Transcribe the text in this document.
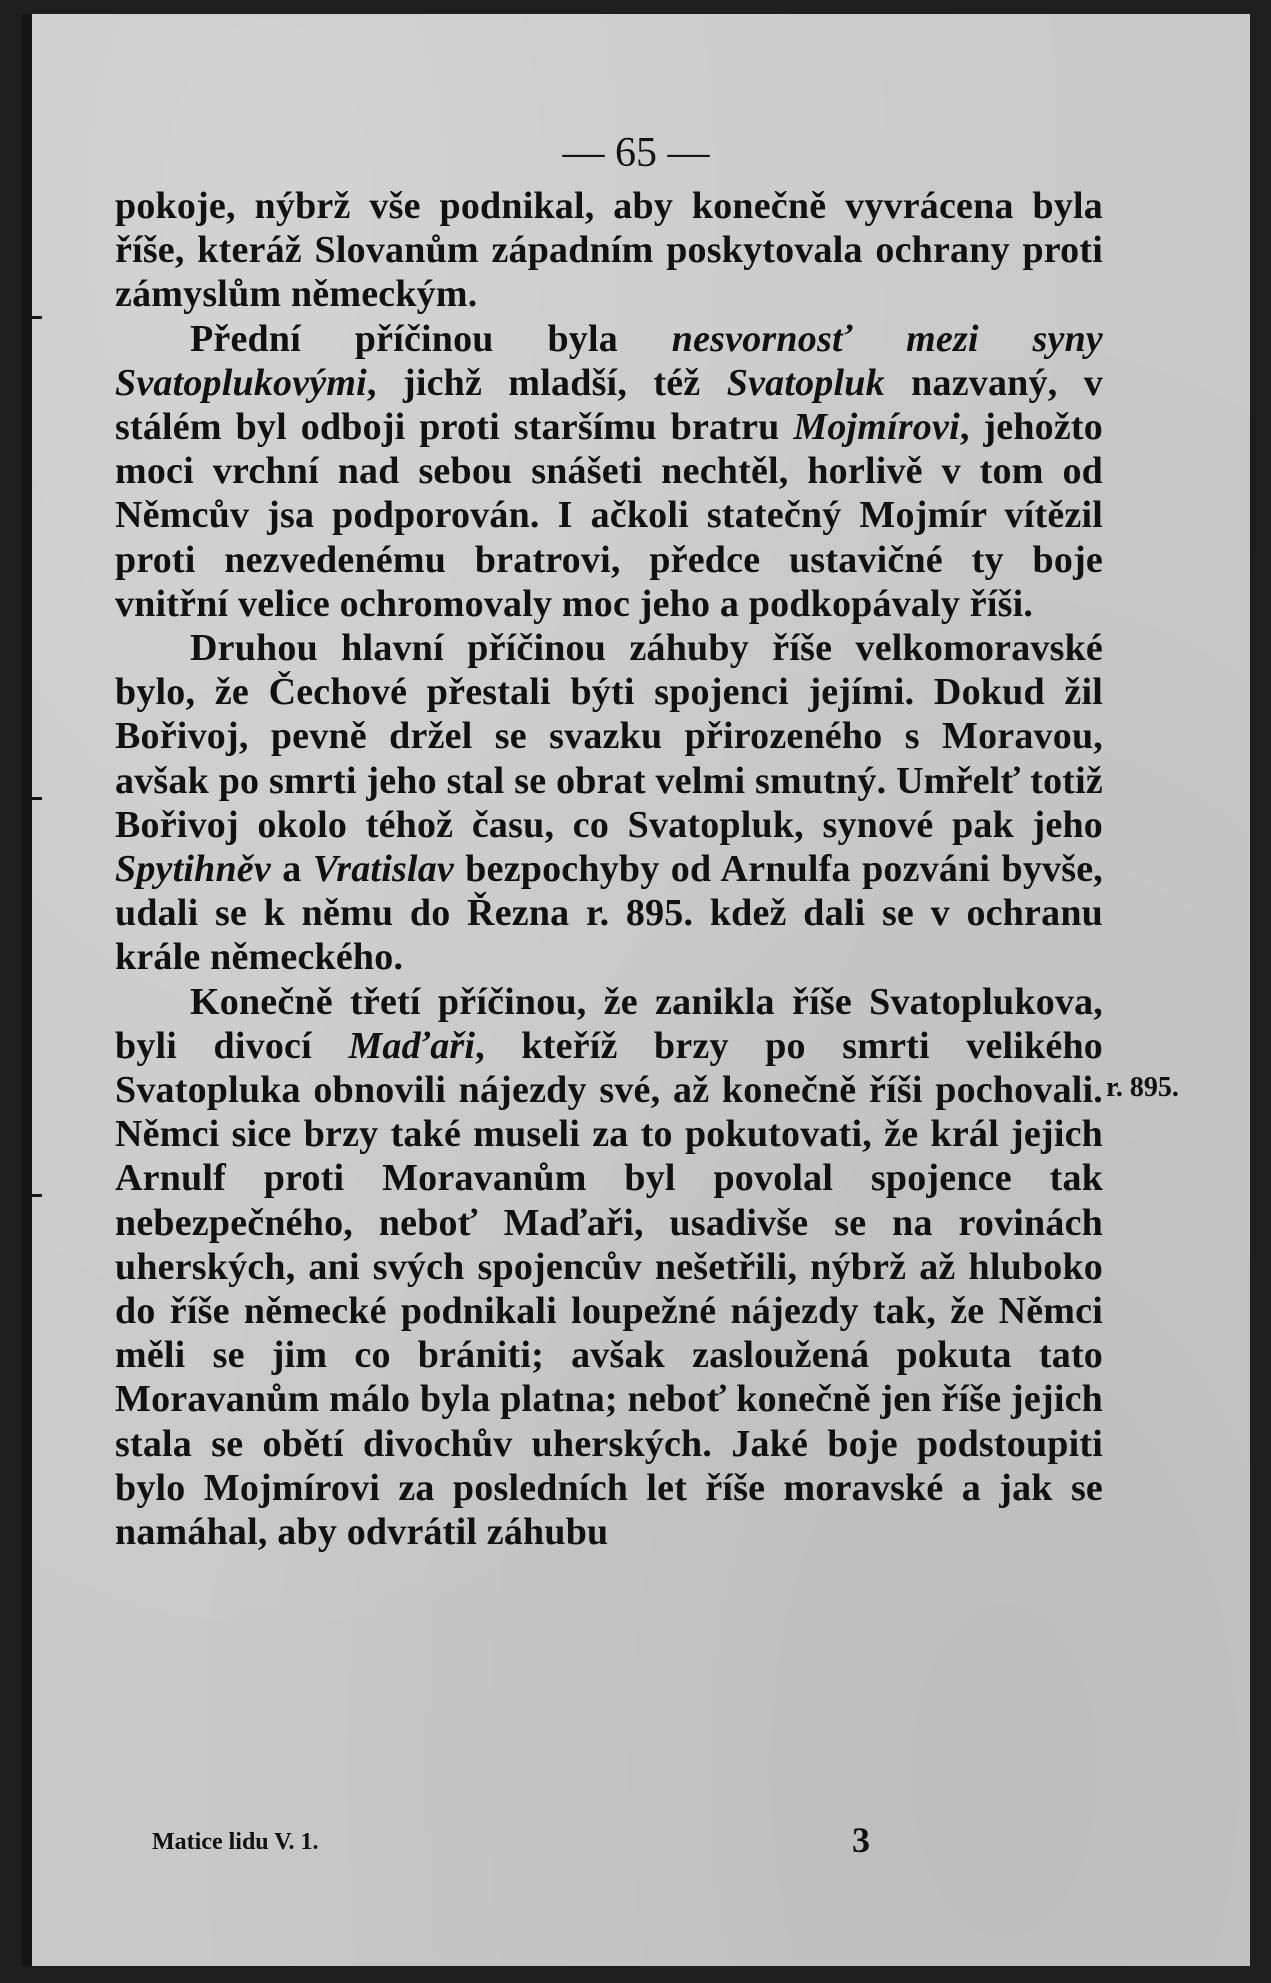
— 65 —

pokoje, nýbrž vše podnikal, aby konečně vyvrácena byla říše, kteráž Slovanům západním poskytovala ochrany proti zámyslům německým.

Přední příčinou byla nesvornosť mezi syny Svatoplukovými, jichž mladší, též Svatopluk nazvaný, v stálém byl odboji proti staršímu bratru Mojmírovi, jehožto moci vrchní nad sebou snášeti nechtěl, horlivě v tom od Němcův jsa podporován. I ačkoli statečný Mojmír vítězil proti nezvedenému bratrovi, předce ustavičné ty boje vnitřní velice ochromovaly moc jeho a podkopávaly říši.

Druhou hlavní příčinou záhuby říše velkomoravské bylo, že Čechové přestali býti spojenci jejími. Dokud žil Bořivoj, pevně držel se svazku přirozeného s Moravou, avšak po smrti jeho stal se obrat velmi smutný. Umřelť totiž Bořivoj okolo téhož času, co Svatopluk, synové pak jeho Spytihněv a Vratislav bezpochyby od Arnulfa pozváni byvše, udali se k němu do Řezna r. 895. kdež dali se v ochranu krále německého.

Konečně třetí příčinou, že zanikla říše Svatoplukova, byli divocí Maďaři, kteříž brzy po smrti velikého Svatopluka obnovili nájezdy své, až konečně říši pochovali. Němci sice brzy také museli za to pokutovati, že král jejich Arnulf proti Moravanům byl povolal spojence tak nebezpečného, neboť Maďaři, usadivše se na rovinách uherských, ani svých spojencův nešetřili, nýbrž až hluboko do říše německé podnikali loupežné nájezdy tak, že Němci měli se jim co brániti; avšak zasloužená pokuta tato Moravanům málo byla platna; neboť konečně jen říše jejich stala se obětí divochův uherských. Jaké boje podstoupiti bylo Mojmírovi za posledních let říše moravské a jak se namáhal, aby odvrátil záhubu

r. 895.
Matice lidu V. 1.	3
